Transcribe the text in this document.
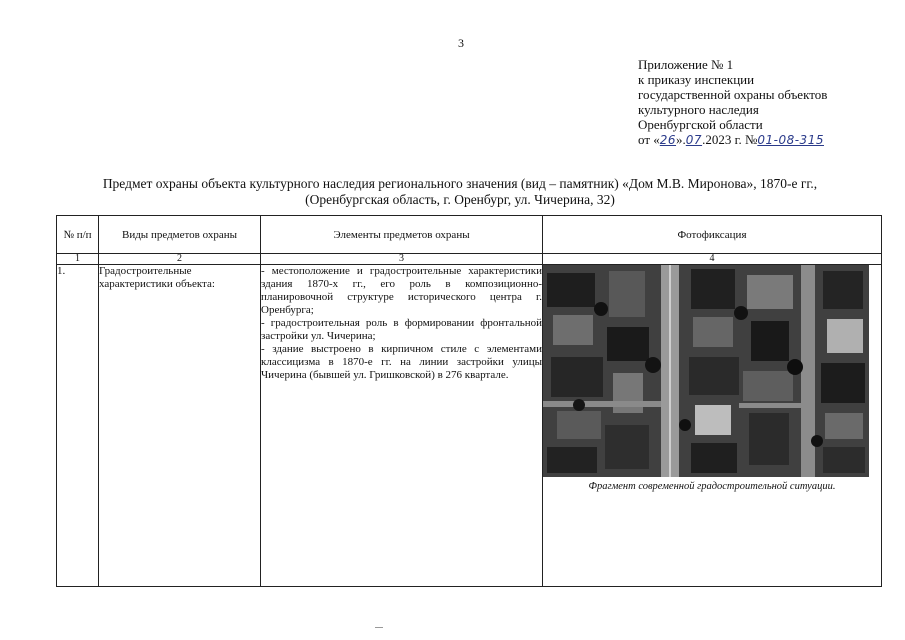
3
Приложение № 1
к приказу инспекции
государственной охраны объектов
культурного наследия
Оренбургской области
от «26».07.2023 г. №01-08-315
Предмет охраны объекта культурного наследия регионального значения (вид – памятник) «Дом М.В. Миронова», 1870-е гг.,
(Оренбургская область, г. Оренбург, ул. Чичерина, 32)
№ п/п	Виды предметов охраны	Элементы предметов охраны	Фотофиксация
1	2	3	4
1.	Градостроительные характеристики объекта:	- местоположение и градостроительные характеристики здания 1870-х гг., его роль в композиционно-планировочной структуре исторического центра г. Оренбурга;
- градостроительная роль в формировании фронтальной застройки ул. Чичерина;
- здание выстроено в кирпичном стиле с элементами классицизма в 1870-е гг. на линии застройки улицы Чичерина (бывшей ул. Гришковской) в 276 квартале.	Фрагмент современной градостроительной ситуации.
